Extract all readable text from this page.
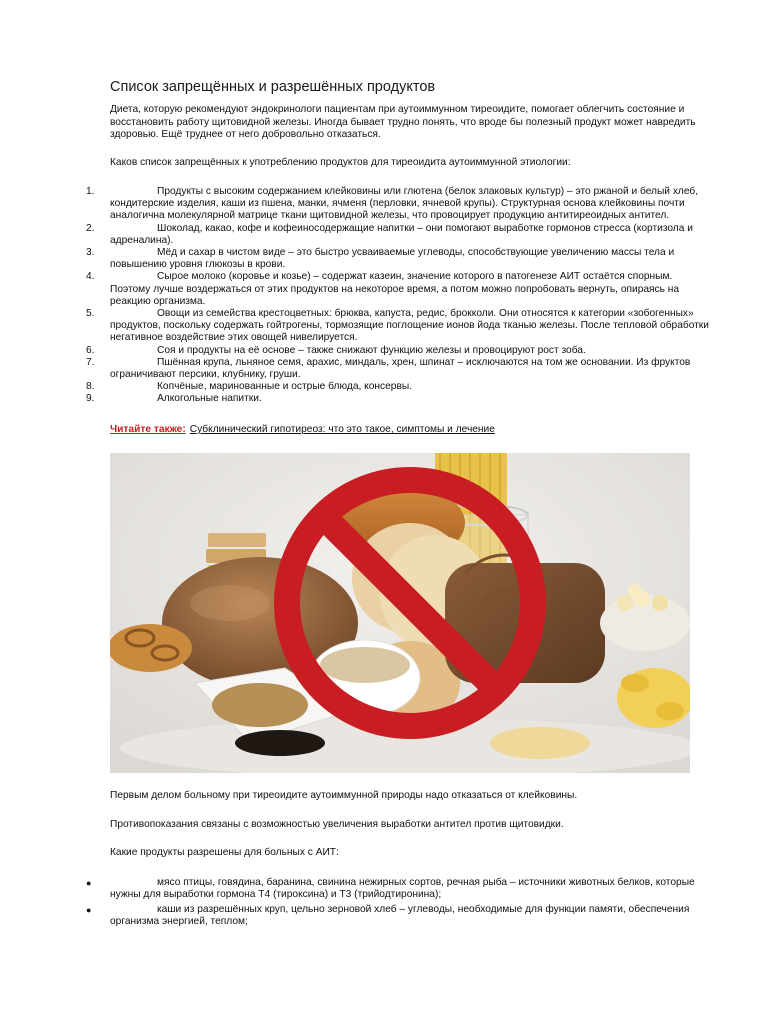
Список запрещённых и разрешённых продуктов

Диета, которую рекомендуют эндокринологи пациентам при аутоиммунном тиреоидите, помогает облегчить состояние и восстановить работу щитовидной железы. Иногда бывает трудно понять, что вроде бы полезный продукт может навредить здоровью. Ещё труднее от него добровольно отказаться.

Каков список запрещённых к употреблению продуктов для тиреоидита аутоиммунной этиологии:

1.	Продукты с высоким содержанием клейковины или глютена (белок злаковых культур) – это ржаной и белый хлеб, кондитерские изделия, каши из пшена, манки, ячменя (перловки, ячневой крупы). Структурная основа клейковины почти аналогична молекулярной матрице ткани щитовидной железы, что провоцирует продукцию антитиреоидных антител.
2.	Шоколад, какао, кофе и кофеиносодержащие напитки – они помогают выработке гормонов стресса (кортизола и адреналина).
3.	Мёд и сахар в чистом виде – это быстро усваиваемые углеводы, способствующие увеличению массы тела и повышению уровня глюкозы в крови.
4.	Сырое молоко (коровье и козье) – содержат казеин, значение которого в патогенезе АИТ остаётся спорным. Поэтому лучше воздержаться от этих продуктов на некоторое время, а потом можно попробовать вернуть, опираясь на реакцию организма.
5.	Овощи из семейства крестоцветных: брюква, капуста, редис, брокколи. Они относятся к категории «зобогенных» продуктов, поскольку содержать гойтрогены, тормозящие поглощение ионов йода тканью железы. После тепловой обработки негативное воздействие этих овощей нивелируется.
6.	Соя и продукты на её основе – также снижают функцию железы и провоцируют рост зоба.
7.	Пшённая крупа, льняное семя, арахис, миндаль, хрен, шпинат – исключаются на том же основании. Из фруктов ограничивают персики, клубнику, груши.
8.	Копчёные, маринованные и острые блюда, консервы.
9.	Алкогольные напитки.
Читайте также: Субклинический гипотиреоз: что это такое, симптомы и лечение

Первым делом больному при тиреоидите аутоиммунной природы надо отказаться от клейковины.

Противопоказания связаны с возможностью увеличения выработки антител против щитовидки.

Какие продукты разрешены для больных с АИТ:

●	мясо птицы, говядина, баранина, свинина нежирных сортов, речная рыба – источники животных белков, которые нужны для выработки гормона Т4 (тироксина) и Т3 (трийодтиронина);
●	каши из разрешённых круп, цельно зерновой хлеб – углеводы, необходимые для функции памяти, обеспечения организма энергией, теплом;
